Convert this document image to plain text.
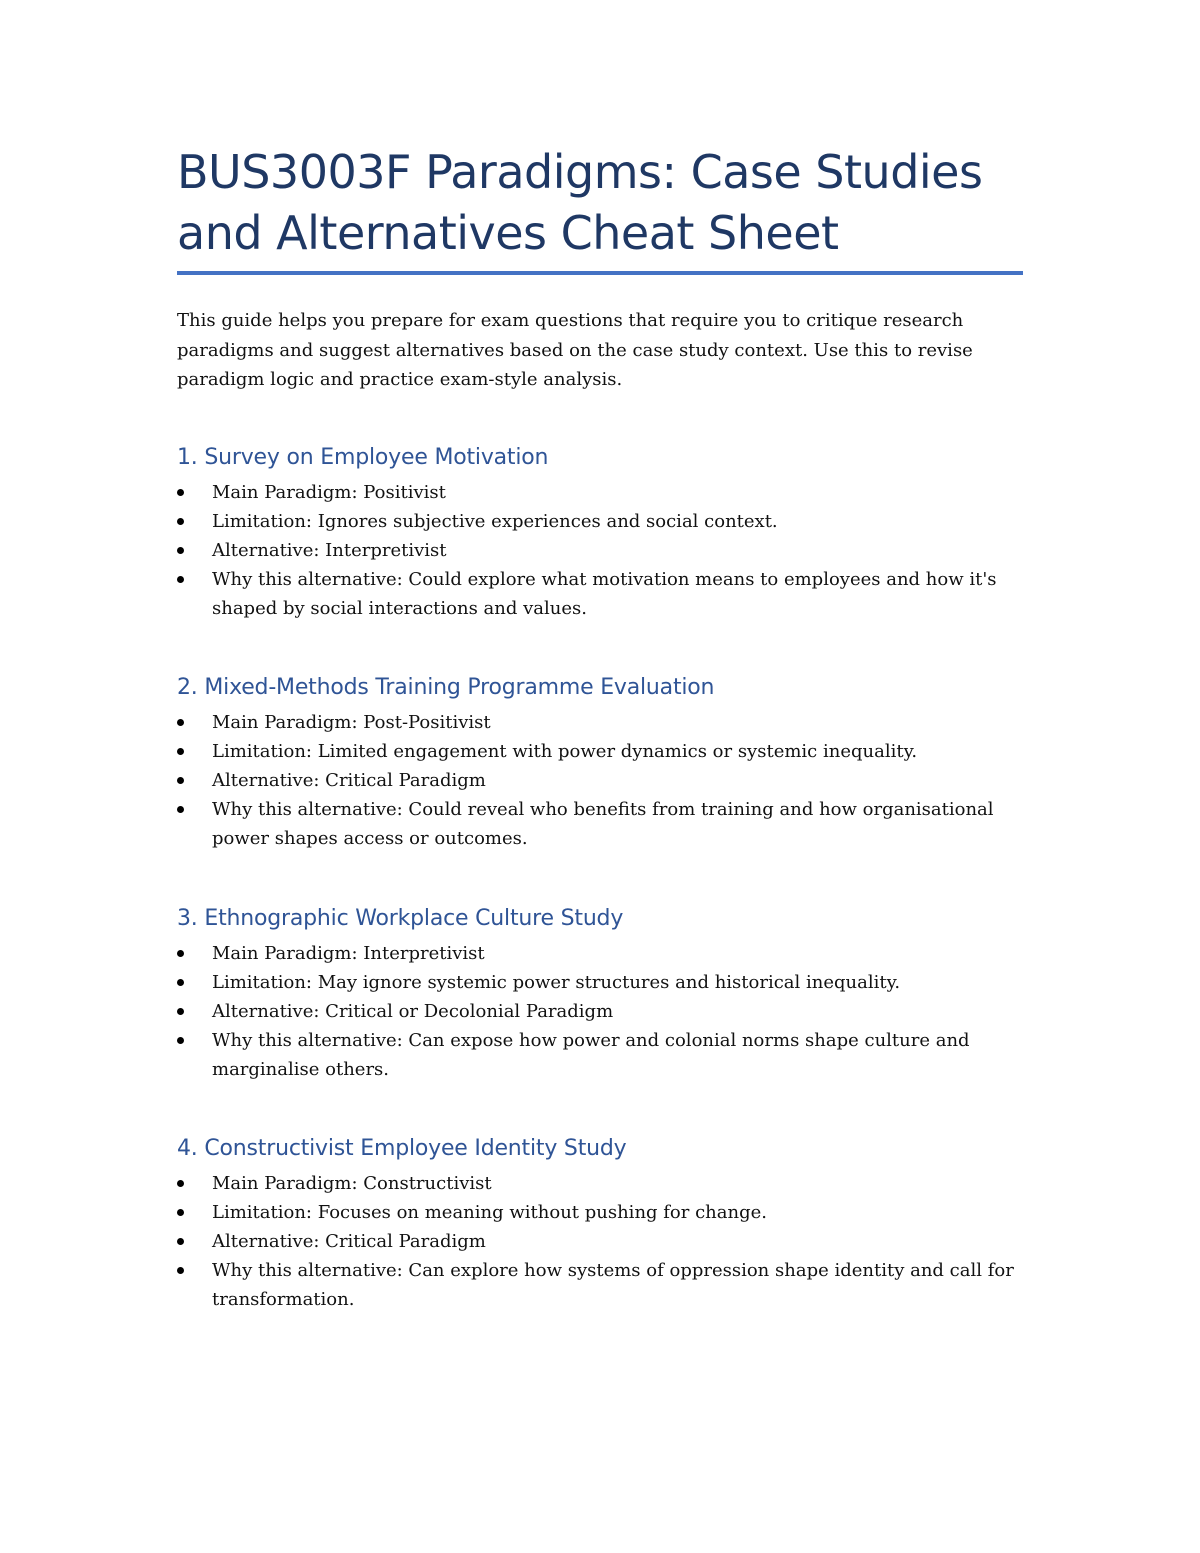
BUS3003F Paradigms: Case Studies and Alternatives Cheat Sheet

This guide helps you prepare for exam questions that require you to critique research paradigms and suggest alternatives based on the case study context. Use this to revise paradigm logic and practice exam-style analysis.

1. Survey on Employee Motivation
Main Paradigm: Positivist
Limitation: Ignores subjective experiences and social context.
Alternative: Interpretivist
Why this alternative: Could explore what motivation means to employees and how it's shaped by social interactions and values.
2. Mixed-Methods Training Programme Evaluation
Main Paradigm: Post-Positivist
Limitation: Limited engagement with power dynamics or systemic inequality.
Alternative: Critical Paradigm
Why this alternative: Could reveal who benefits from training and how organisational power shapes access or outcomes.
3. Ethnographic Workplace Culture Study
Main Paradigm: Interpretivist
Limitation: May ignore systemic power structures and historical inequality.
Alternative: Critical or Decolonial Paradigm
Why this alternative: Can expose how power and colonial norms shape culture and marginalise others.
4. Constructivist Employee Identity Study
Main Paradigm: Constructivist
Limitation: Focuses on meaning without pushing for change.
Alternative: Critical Paradigm
Why this alternative: Can explore how systems of oppression shape identity and call for transformation.
